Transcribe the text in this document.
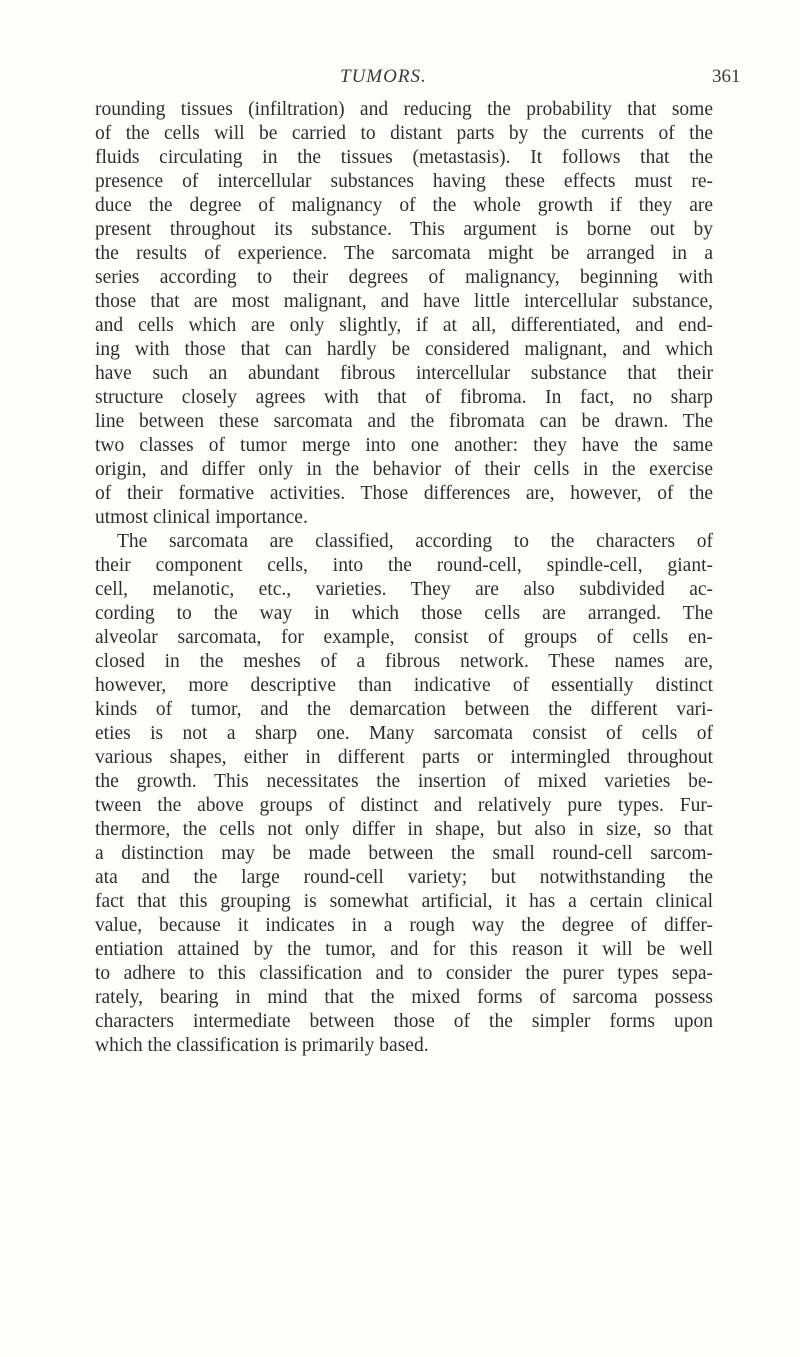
TUMORS.	361
rounding tissues (infiltration) and reducing the probability that some
of the cells will be carried to distant parts by the currents of the
fluids circulating in the tissues (metastasis). It follows that the
presence of intercellular substances having these effects must re-
duce the degree of malignancy of the whole growth if they are
present throughout its substance. This argument is borne out by
the results of experience. The sarcomata might be arranged in a
series according to their degrees of malignancy, beginning with
those that are most malignant, and have little intercellular substance,
and cells which are only slightly, if at all, differentiated, and end-
ing with those that can hardly be considered malignant, and which
have such an abundant fibrous intercellular substance that their
structure closely agrees with that of fibroma. In fact, no sharp
line between these sarcomata and the fibromata can be drawn. The
two classes of tumor merge into one another: they have the same
origin, and differ only in the behavior of their cells in the exercise
of their formative activities. Those differences are, however, of the
utmost clinical importance.
The sarcomata are classified, according to the characters of
their component cells, into the round-cell, spindle-cell, giant-
cell, melanotic, etc., varieties. They are also subdivided ac-
cording to the way in which those cells are arranged. The
alveolar sarcomata, for example, consist of groups of cells en-
closed in the meshes of a fibrous network. These names are,
however, more descriptive than indicative of essentially distinct
kinds of tumor, and the demarcation between the different vari-
eties is not a sharp one. Many sarcomata consist of cells of
various shapes, either in different parts or intermingled throughout
the growth. This necessitates the insertion of mixed varieties be-
tween the above groups of distinct and relatively pure types. Fur-
thermore, the cells not only differ in shape, but also in size, so that
a distinction may be made between the small round-cell sarcom-
ata and the large round-cell variety; but notwithstanding the
fact that this grouping is somewhat artificial, it has a certain clinical
value, because it indicates in a rough way the degree of differ-
entiation attained by the tumor, and for this reason it will be well
to adhere to this classification and to consider the purer types sepa-
rately, bearing in mind that the mixed forms of sarcoma possess
characters intermediate between those of the simpler forms upon
which the classification is primarily based.
